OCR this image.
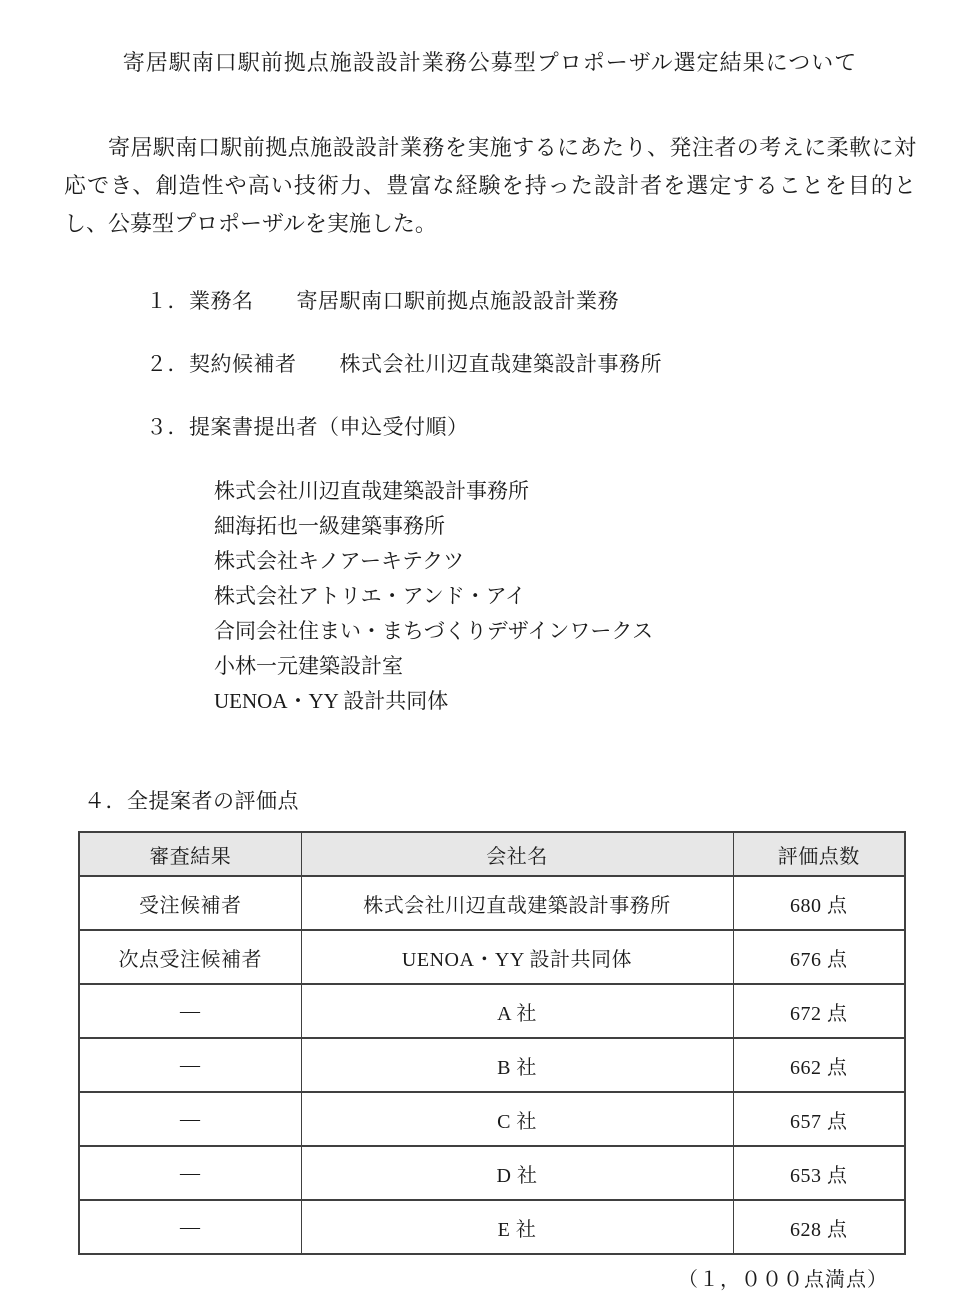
寄居駅南口駅前拠点施設設計業務公募型プロポーザル選定結果について

寄居駅南口駅前拠点施設設計業務を実施するにあたり、発注者の考えに柔軟に対応でき、創造性や高い技術力、豊富な経験を持った設計者を選定することを目的とし、公募型プロポーザルを実施した。

１．業務名　　寄居駅南口駅前拠点施設設計業務
２．契約候補者　　株式会社川辺直哉建築設計事務所
３．提案書提出者（申込受付順）
株式会社川辺直哉建築設計事務所
細海拓也一級建築事務所
株式会社キノアーキテクツ
株式会社アトリエ・アンド・アイ
合同会社住まい・まちづくりデザインワークス
小林一元建築設計室
UENOA・YY 設計共同体
４．全提案者の評価点
審査結果	会社名	評価点数
受注候補者	株式会社川辺直哉建築設計事務所	680 点
次点受注候補者	UENOA・YY 設計共同体	676 点
―	A 社	672 点
―	B 社	662 点
―	C 社	657 点
―	D 社	653 点
―	E 社	628 点
（１，０００点満点）
